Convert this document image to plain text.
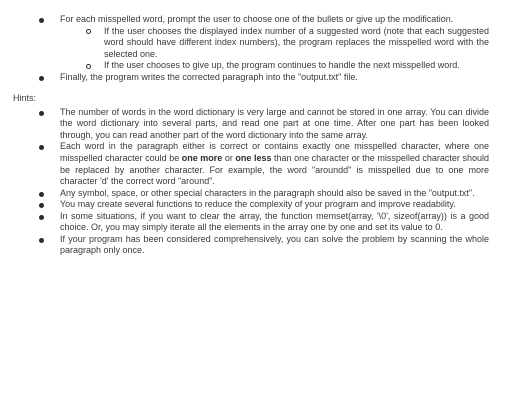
For each misspelled word, prompt the user to choose one of the bullets or give up the modification.
If the user chooses the displayed index number of a suggested word (note that each suggested word should have different index numbers), the program replaces the misspelled word with the selected one.
If the user chooses to give up, the program continues to handle the next misspelled word.
Finally, the program writes the corrected paragraph into the "output.txt" file.
Hints:
The number of words in the word dictionary is very large and cannot be stored in one array. You can divide the word dictionary into several parts, and read one part at one time. After one part has been looked through, you can read another part of the word dictionary into the same array.
Each word in the paragraph either is correct or contains exactly one misspelled character, where one misspelled character could be one more or one less than one character or the misspelled character should be replaced by another character. For example, the word "aroundd" is misspelled due to one more character 'd' the correct word "around".
Any symbol, space, or other special characters in the paragraph should also be saved in the "output.txt".
You may create several functions to reduce the complexity of your program and improve readability.
In some situations, if you want to clear the array, the function memset(array, '\0', sizeof(array)) is a good choice. Or, you may simply iterate all the elements in the array one by one and set its value to 0.
If your program has been considered comprehensively, you can solve the problem by scanning the whole paragraph only once.
